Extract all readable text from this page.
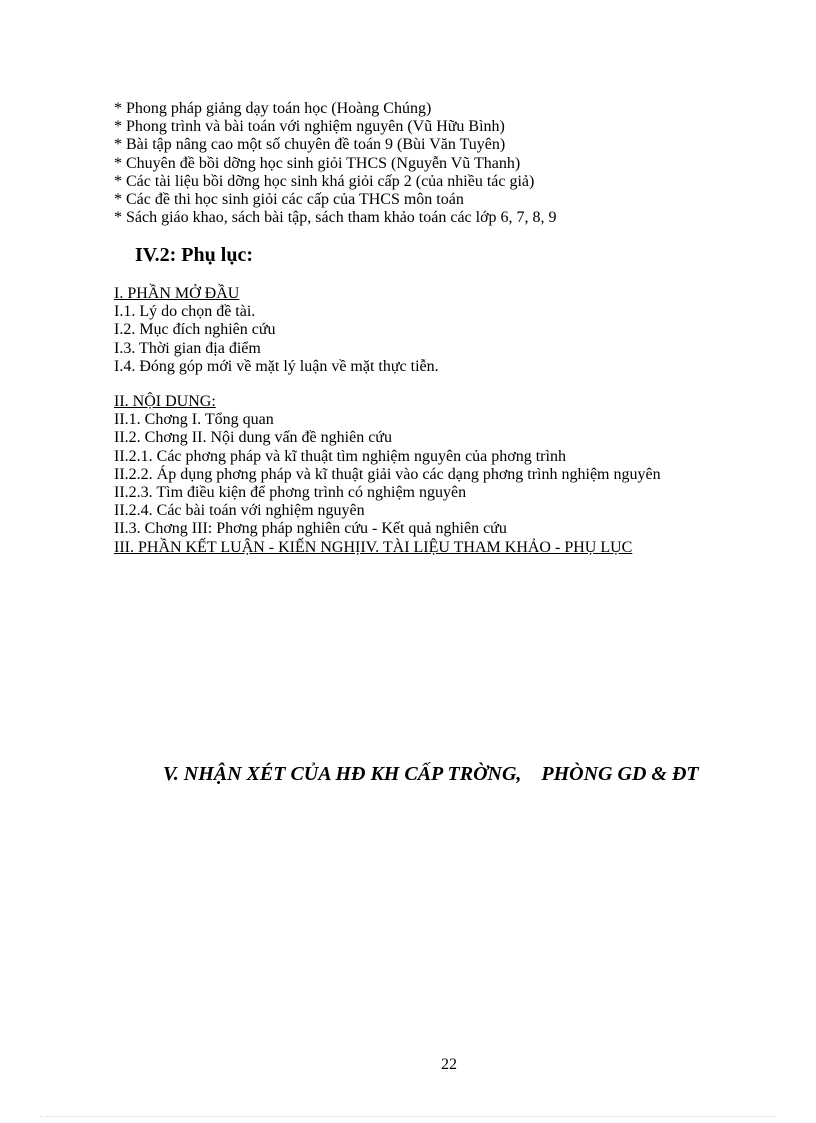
* Phong pháp giảng dạy toán học (Hoàng Chúng)
* Phong trình và bài toán với nghiệm nguyên (Vũ Hữu Bình)
* Bài tập nâng cao một số chuyên đề toán 9 (Bùi Văn Tuyên)
* Chuyên đề bồi dỡng học sinh giỏi THCS (Nguyễn Vũ Thanh)
* Các tài liệu bồi dỡng học sinh khá giỏi cấp 2 (của nhiều tác giả)
* Các đề thi học sinh giỏi các cấp của THCS môn toán
* Sách giáo khao, sách bài tập, sách tham khảo toán các lớp 6, 7, 8, 9
IV.2: Phụ lục:
I. PHẦN MỞ ĐẦU
I.1. Lý do chọn đề tài.
I.2. Mục đích nghiên cứu
I.3. Thời gian địa điểm
I.4. Đóng góp mới về mặt lý luận về mặt thực tiễn.
II. NỘI DUNG:
II.1. Chơng I. Tổng quan
II.2. Chơng II. Nội dung vấn đề nghiên cứu
II.2.1. Các phơng pháp và kĩ thuật tìm nghiệm nguyên của phơng trình
II.2.2. Áp dụng phơng pháp và kĩ thuật giải vào các dạng phơng trình nghiệm nguyên
II.2.3. Tìm điều kiện để phơng trình có nghiệm nguyên
II.2.4. Các bài toán với nghiệm nguyên
II.3. Chơng III: Phơng pháp nghiên cứu - Kết quả nghiên cứu
III. PHẦN KẾT LUẬN - KIẾN NGHỊIV. TÀI LIỆU THAM KHẢO - PHỤ LỤC
V. NHẬN XÉT CỦA HĐ KH CẤP TRỜNG,    PHÒNG GD & ĐT
22
